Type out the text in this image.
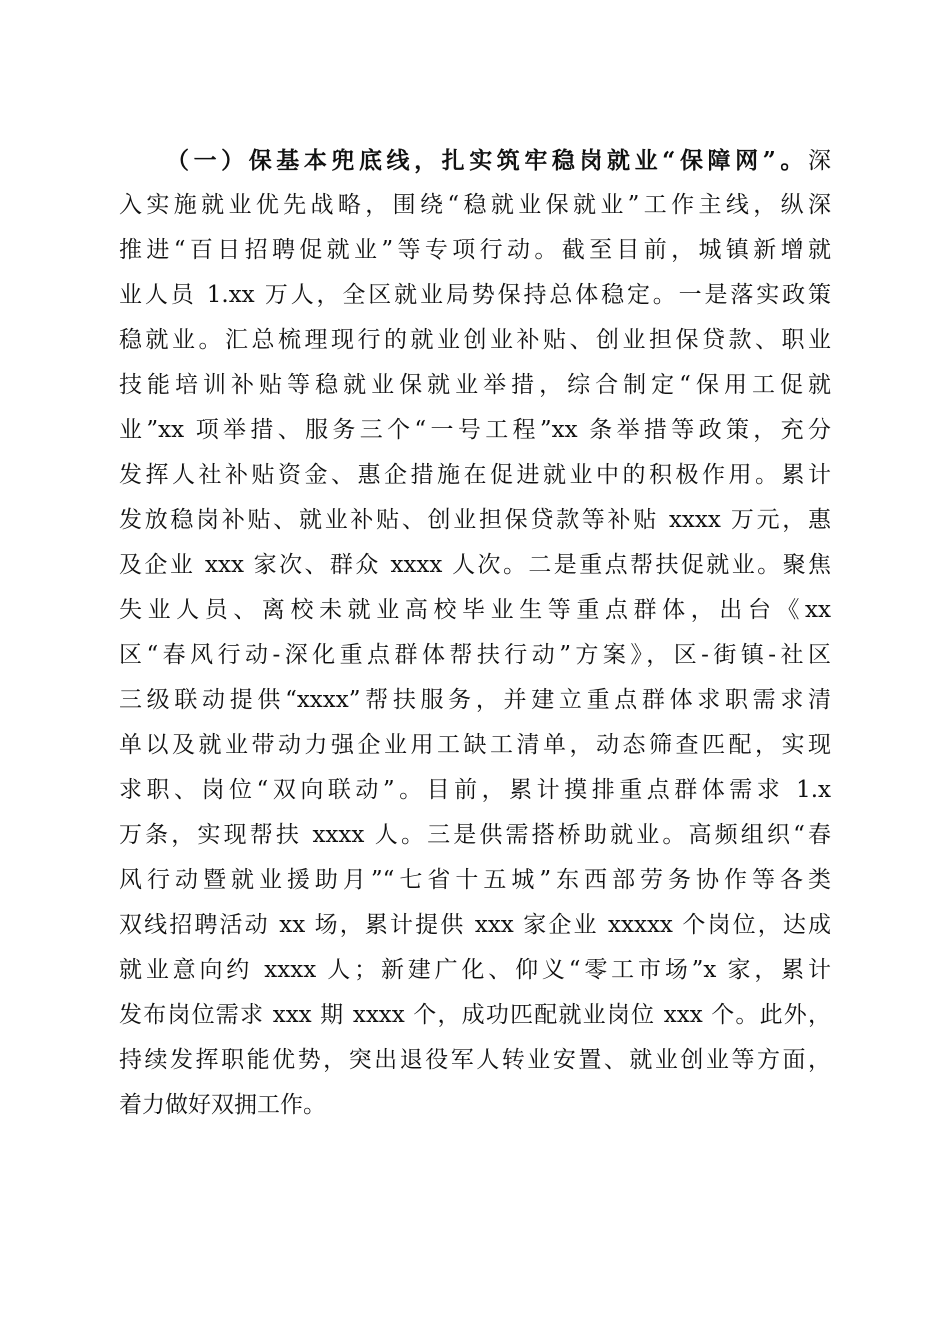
（一）保基本兜底线，扎实筑牢稳岗就业“保障网”。深
入实施就业优先战略，围绕“稳就业保就业”工作主线，纵深
推进“百日招聘促就业”等专项行动。截至目前，城镇新增就
业人员 1.xx 万人，全区就业局势保持总体稳定。一是落实政策
稳就业。汇总梳理现行的就业创业补贴、创业担保贷款、职业
技能培训补贴等稳就业保就业举措，综合制定“保用工促就
业”xx 项举措、服务三个“一号工程”xx 条举措等政策，充分
发挥人社补贴资金、惠企措施在促进就业中的积极作用。累计
发放稳岗补贴、就业补贴、创业担保贷款等补贴 xxxx 万元，惠
及企业 xxx 家次、群众 xxxx 人次。二是重点帮扶促就业。聚焦
失业人员、离校未就业高校毕业生等重点群体，出台《xx
区“春风行动-深化重点群体帮扶行动”方案》，区-街镇-社区
三级联动提供“xxxx”帮扶服务，并建立重点群体求职需求清
单以及就业带动力强企业用工缺工清单，动态筛查匹配，实现
求职、岗位“双向联动”。目前，累计摸排重点群体需求 1.x
万条，实现帮扶 xxxx 人。三是供需搭桥助就业。高频组织“春
风行动暨就业援助月”“七省十五城”东西部劳务协作等各类
双线招聘活动 xx 场，累计提供 xxx 家企业 xxxxx 个岗位，达成
就业意向约 xxxx 人；新建广化、仰义“零工市场”x 家，累计
发布岗位需求 xxx 期 xxxx 个，成功匹配就业岗位 xxx 个。此外，
持续发挥职能优势，突出退役军人转业安置、就业创业等方面，
着力做好双拥工作。
